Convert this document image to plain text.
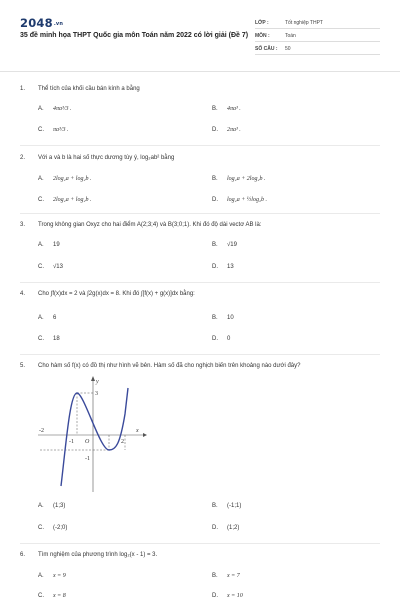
$2048^{.vn}$
35 đề minh họa THPT Quốc gia môn Toán năm 2022 có lời giải (Đề 7)
LỚP :	Tốt nghiệp THPT
MÔN :	Toán
SỐ CÂU :	50
1. Thể tích của khối cầu bán kính a bằng
A. 4πa³/3 .	B. 4πa³ .
C. πa³/3 .	D. 2πa³ .
2. Với a và b là hai số thực dương tùy ý, log₂ab² bằng
A. 2log₂a + log₂b .	B. log₂a + 2log₂b .
C. 2log₂a + log₂b .	D. log₂a + ½log₂b .
3. Trong không gian Oxyz cho hai điểm A(2;3;4) và B(3;0;1). Khi đó độ dài vectơ AB là:
A. 19	B. √19
C. √13	D. 13
4. Cho ∫f(x)dx = 2 và ∫2g(x)dx = 8. Khi đó ∫[f(x) + g(x)]dx bằng:
A. 6	B. 10
C. 18	D. 0
5. Cho hàm số f(x) có đồ thị như hình vẽ bên. Hàm số đã cho nghịch biến trên khoảng nào dưới đây?
y
x
O
3
-1
-2
-1	2
A. (1;3)	B. (-1;1)
C. (-2;0)	D. (1;2)
6. Tìm nghiệm của phương trình log₂(x - 1) = 3.
A. x = 9	B. x = 7
C. x = 8	D. x = 10
